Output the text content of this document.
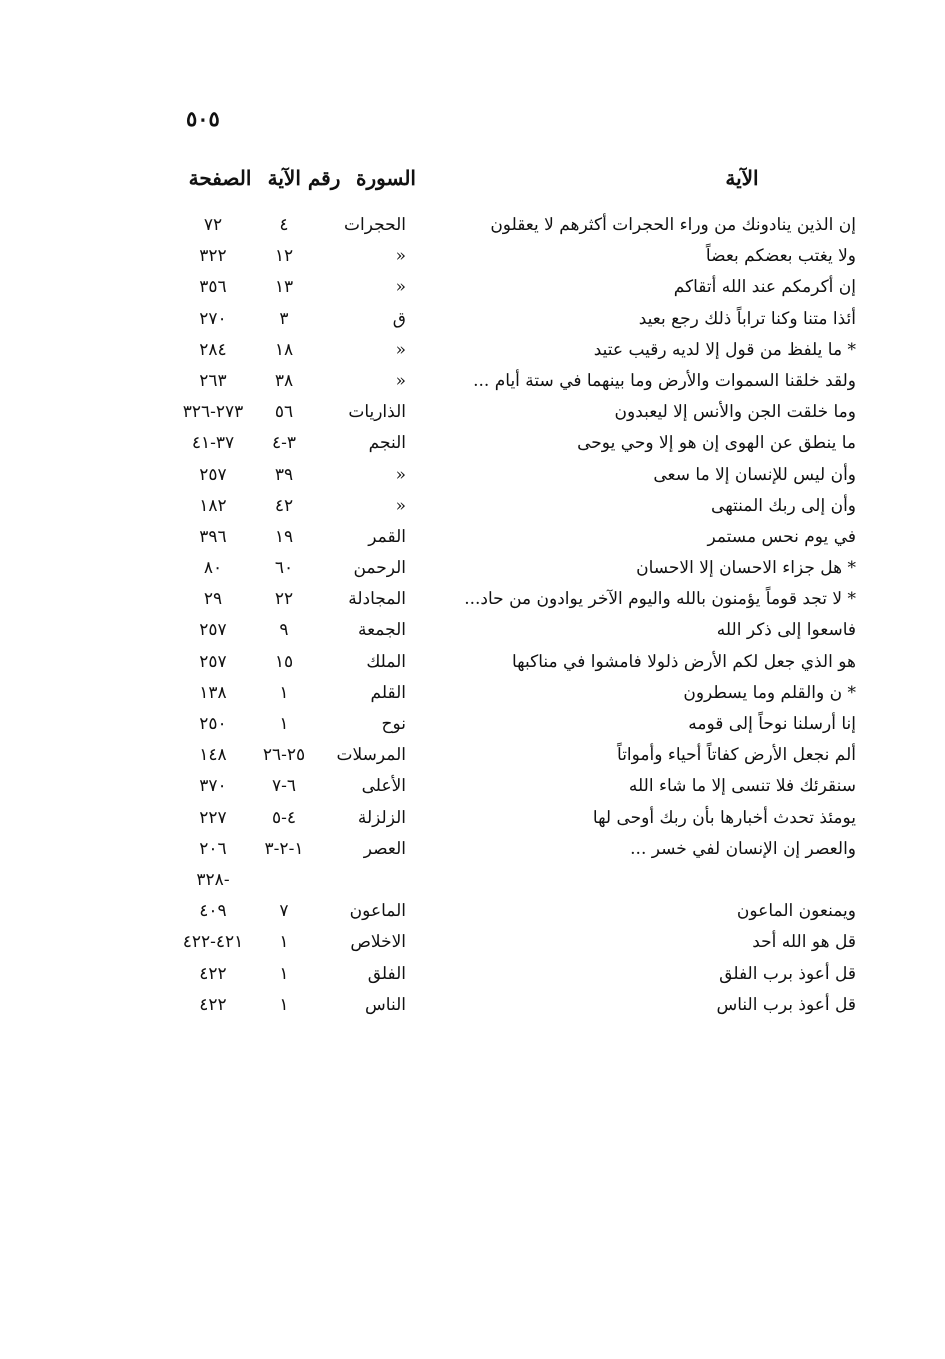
٥٠٥
الآية
السورة
رقم الآية
الصفحة
إن الذين ينادونك من وراء الحجرات أكثرهم لا يعقلون
الحجرات
٤
٧٢
ولا يغتب بعضكم بعضاً
«
١٢
٣٢٢
إن أكرمكم عند الله أتقاكم
«
١٣
٣٥٦
أئذا متنا وكنا تراباً ذلك رجع بعيد
ق
٣
٢٧٠
* ما يلفظ من قول إلا لديه رقيب عتيد
«
١٨
٢٨٤
ولقد خلقنا السموات والأرض وما بينهما في ستة أيام ...
«
٣٨
٢٦٣
وما خلقت الجن والأنس إلا ليعبدون
الذاريات
٥٦
٢٧٣-٣٢٦
ما ينطق عن الهوى إن هو إلا وحي يوحى
النجم
٣-٤
٣٧-٤١
وأن ليس للإنسان إلا ما سعى
«
٣٩
٢٥٧
وأن إلى ربك المنتهى
«
٤٢
١٨٢
في يوم نحس مستمر
القمر
١٩
٣٩٦
* هل جزاء الاحسان إلا الاحسان
الرحمن
٦٠
٨٠
* لا تجد قوماً يؤمنون بالله واليوم الآخر يوادون من حاد...
المجادلة
٢٢
٢٩
فاسعوا إلى ذكر الله
الجمعة
٩
٢٥٧
هو الذي جعل لكم الأرض ذلولا فامشوا في مناكبها
الملك
١٥
٢٥٧
* ن والقلم وما يسطرون
القلم
١
١٣٨
إنا أرسلنا نوحاً إلى قومه
نوح
١
٢٥٠
ألم نجعل الأرض كفاتاً أحياء وأمواتاً
المرسلات
٢٥-٢٦
١٤٨
سنقرئك فلا تنسى إلا ما شاء الله
الأعلى
٦-٧
٣٧٠
يومئذ تحدث أخبارها بأن ربك أوحى لها
الزلزلة
٤-٥
٢٢٧
والعصر إن الإنسان لفي خسر ...
العصر
١-٢-٣
٢٠٦
-٣٢٨
ويمنعون الماعون
الماعون
٧
٤٠٩
قل هو الله أحد
الاخلاص
١
٤٢١-٤٢٢
قل أعوذ برب الفلق
الفلق
١
٤٢٢
قل أعوذ برب الناس
الناس
١
٤٢٢
